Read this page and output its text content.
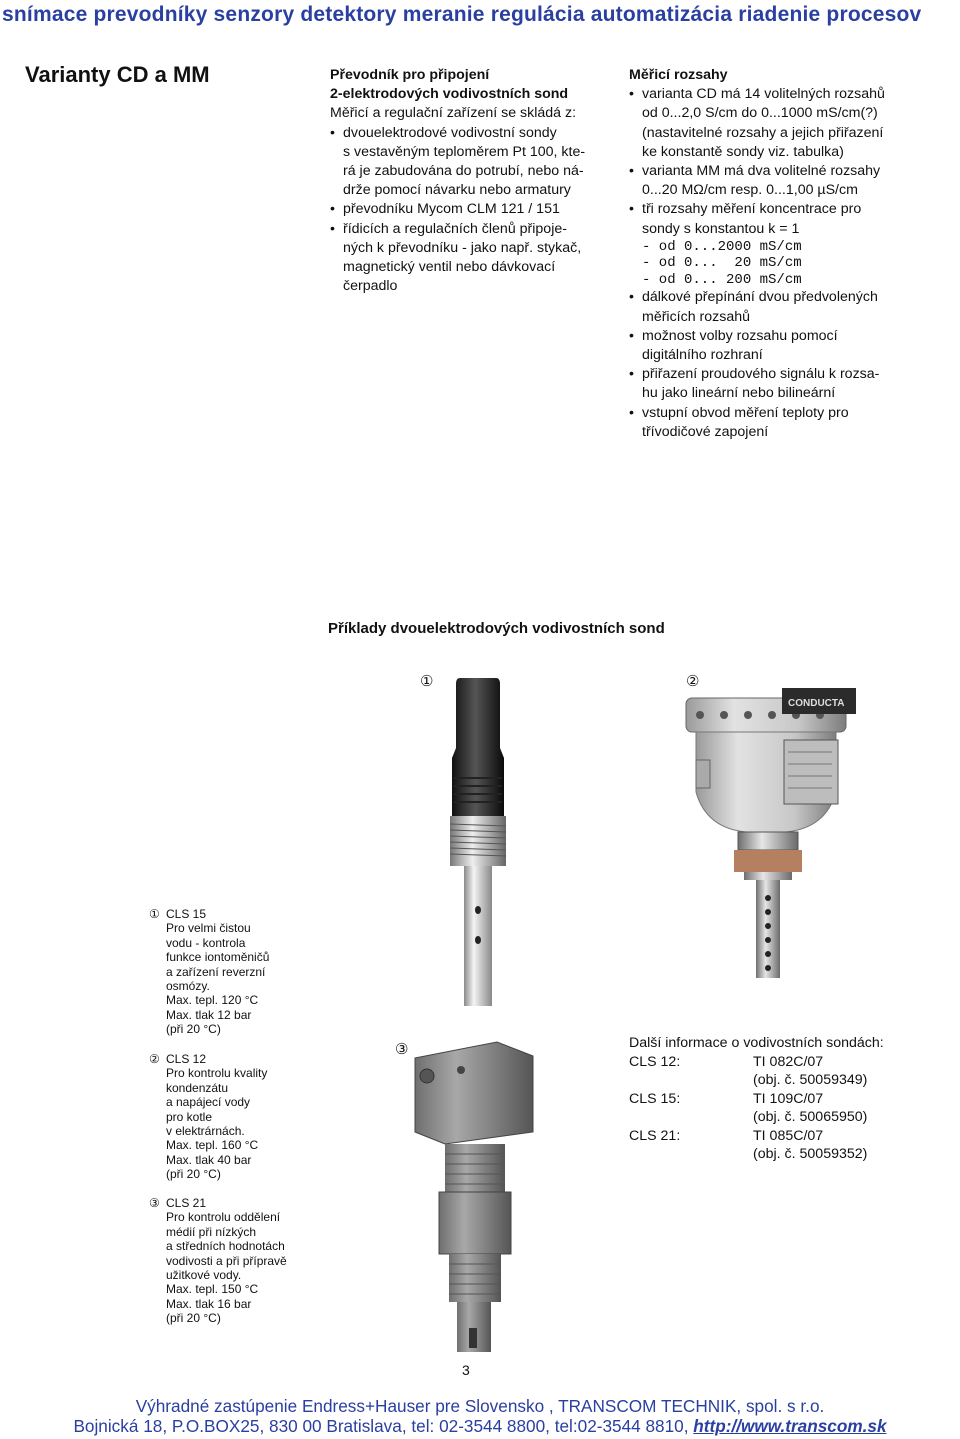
snímace prevodníky senzory detektory meranie regulácia automatizácia riadenie procesov
Varianty CD a MM	Převodník pro připojení
2-elektrodových vodivostních sond
Měřicí a regulační zařízení se skládá z:
• dvouelektrodové vodivostní sondy
s vestavěným teploměrem Pt 100, kte-
rá je zabudována do potrubí, nebo ná-
drže pomocí návarku nebo armatury
• převodníku Mycom CLM 121 / 151
• řídicích a regulačních členů připoje-
ných k převodníku - jako např. stykač,
magnetický ventil nebo dávkovací
čerpadlo
Měřicí rozsahy
• varianta CD má 14 volitelných rozsahů
od 0...2,0 S/cm do 0...1000 mS/cm(?)
(nastavitelné rozsahy a jejich přiřazení
ke konstantě sondy viz. tabulka)
• varianta MM má dva volitelné rozsahy
0...20 MΩ/cm resp. 0...1,00 µS/cm
• tři rozsahy měření koncentrace pro
sondy s konstantou k = 1
- od 0...2000 mS/cm
- od 0...  20 mS/cm
- od 0... 200 mS/cm
• dálkové přepínání dvou předvolených
měřicích rozsahů
• možnost volby rozsahu pomocí
digitálního rozhraní
• přiřazení proudového signálu k rozsa-
hu jako lineární nebo bilineární
• vstupní obvod měření teploty pro
třívodičové zapojení
Příklady dvouelektrodových vodivostních sond
①	②
③
CONDUCTA
① CLS 15
Pro velmi čistou
vodu - kontrola
funkce iontoměničů
a zařízení reverzní
osmózy.
Max. tepl. 120 °C
Max. tlak 12 bar
(při 20 °C)
② CLS 12
Pro kontrolu kvality
kondenzátu
a napájecí vody
pro kotle
v elektrárnách.
Max. tepl. 160 °C
Max. tlak 40 bar
(při 20 °C)
③ CLS 21
Pro kontrolu oddělení
médií při nízkých
a středních hodnotách
vodivosti a při přípravě
užitkové vody.
Max. tepl. 150 °C
Max. tlak 16 bar
(při 20 °C)
Další informace o vodivostních sondách:
CLS 12:	TI 082C/07
(obj. č. 50059349)
CLS 15:	TI 109C/07
(obj. č. 50065950)
CLS 21:	TI 085C/07
(obj. č. 50059352)
3
Výhradné zastúpenie Endress+Hauser pre Slovensko , TRANSCOM TECHNIK, spol. s r.o.
Bojnická 18, P.O.BOX25, 830 00 Bratislava, tel: 02-3544 8800, tel:02-3544 8810, http://www.transcom.sk
